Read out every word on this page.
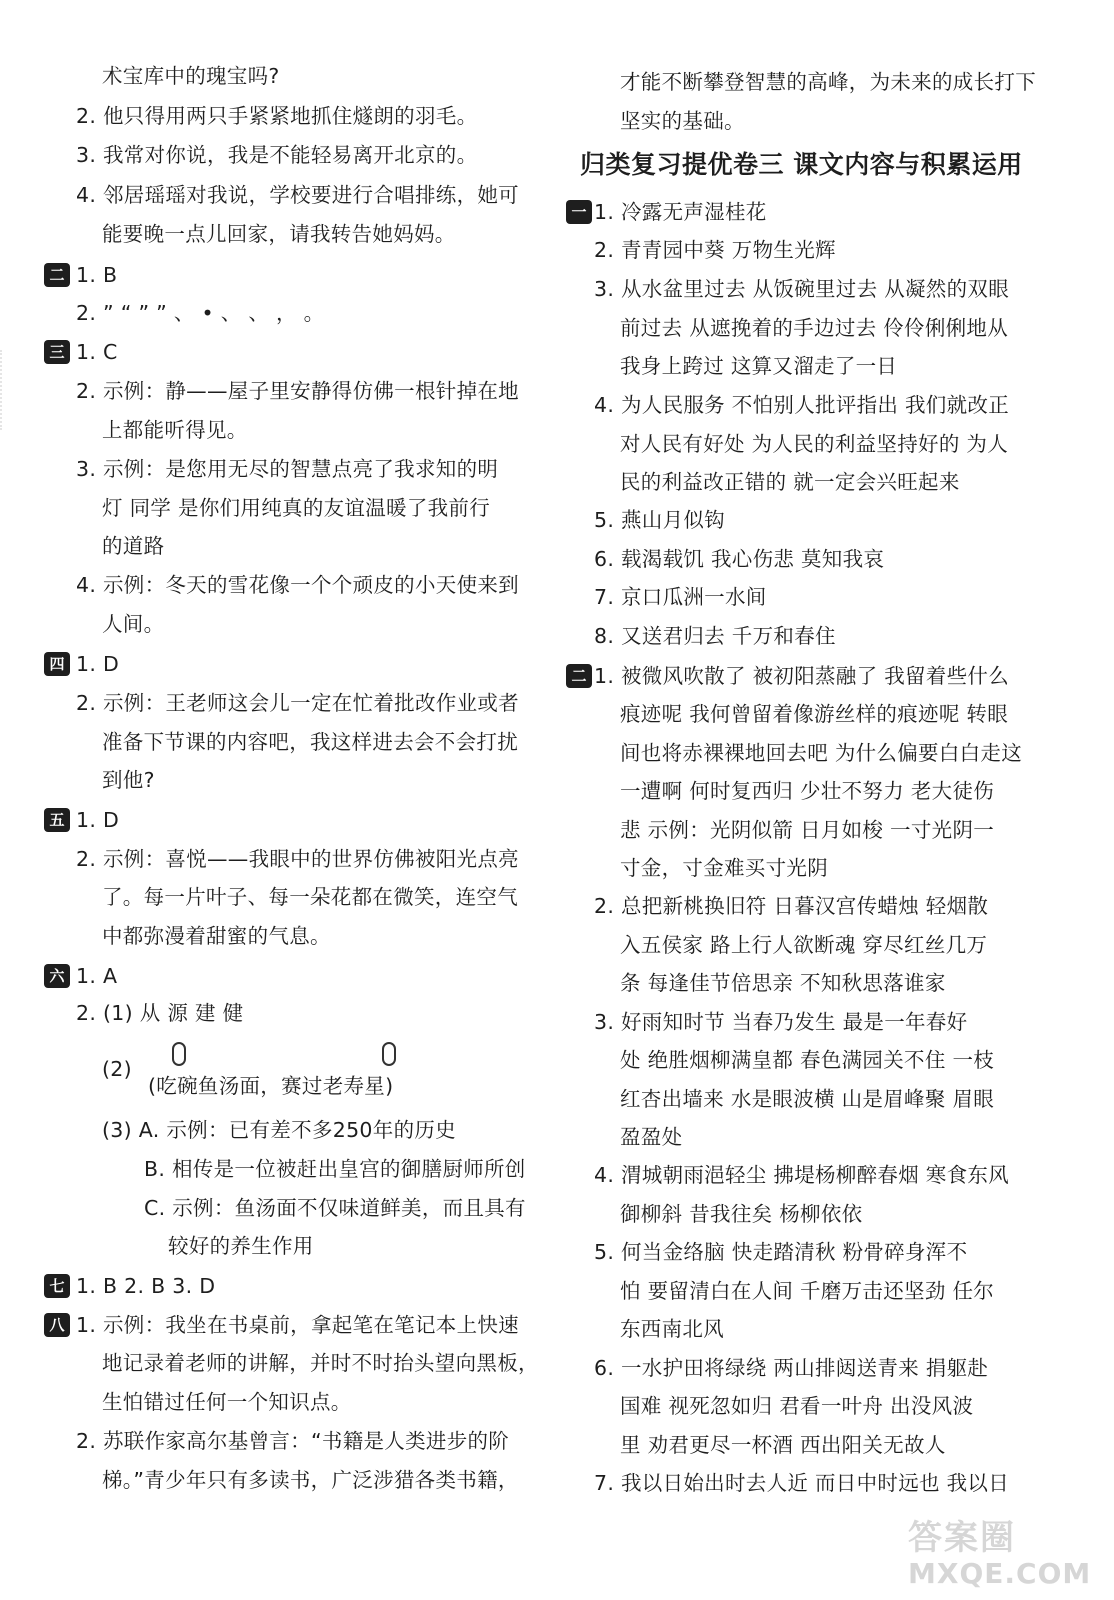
术宝库中的瑰宝吗?
2. 他只得用两只手紧紧地抓住燧朗的羽毛。
3. 我常对你说，我是不能轻易离开北京的。
4. 邻居瑶瑶对我说，学校要进行合唱排练，她可
能要晚一点儿回家，请我转告她妈妈。
1. B
2. ” “ ” ” 、 • 、 、 ， 。
1. C
2. 示例：静——屋子里安静得仿佛一根针掉在地
上都能听得见。
3. 示例：是您用无尽的智慧点亮了我求知的明
灯 同学 是你们用纯真的友谊温暖了我前行
的道路
4. 示例：冬天的雪花像一个个顽皮的小天使来到
人间。
1. D
2. 示例：王老师这会儿一定在忙着批改作业或者
准备下节课的内容吧，我这样进去会不会打扰
到他?
1. D
2. 示例：喜悦——我眼中的世界仿佛被阳光点亮
了。每一片叶子、每一朵花都在微笑，连空气
中都弥漫着甜蜜的气息。
1. A
2. (1) 从 源 建 健
(2)
(吃碗鱼汤面，赛过老寿星)
(3) A. 示例：已有差不多250年的历史
B. 相传是一位被赶出皇宫的御膳厨师所创
C. 示例：鱼汤面不仅味道鲜美，而且具有
较好的养生作用
1. B 2. B 3. D
1. 示例：我坐在书桌前，拿起笔在笔记本上快速
地记录着老师的讲解，并时不时抬头望向黑板，
生怕错过任何一个知识点。
2. 苏联作家高尔基曾言：“书籍是人类进步的阶
梯。”青少年只有多读书，广泛涉猎各类书籍，
二
三
四
五
六
七
八
归类复习提优卷三 课文内容与积累运用
才能不断攀登智慧的高峰，为未来的成长打下
坚实的基础。
1. 冷露无声湿桂花
2. 青青园中葵 万物生光辉
3. 从水盆里过去 从饭碗里过去 从凝然的双眼
前过去 从遮挽着的手边过去 伶伶俐俐地从
我身上跨过 这算又溜走了一日
4. 为人民服务 不怕别人批评指出 我们就改正
对人民有好处 为人民的利益坚持好的 为人
民的利益改正错的 就一定会兴旺起来
5. 燕山月似钩
6. 载渴载饥 我心伤悲 莫知我哀
7. 京口瓜洲一水间
8. 又送君归去 千万和春住
1. 被微风吹散了 被初阳蒸融了 我留着些什么
痕迹呢 我何曾留着像游丝样的痕迹呢 转眼
间也将赤裸裸地回去吧 为什么偏要白白走这
一遭啊 何时复西归 少壮不努力 老大徒伤
悲 示例：光阴似箭 日月如梭 一寸光阴一
寸金，寸金难买寸光阴
2. 总把新桃换旧符 日暮汉宫传蜡烛 轻烟散
入五侯家 路上行人欲断魂 穿尽红丝几万
条 每逢佳节倍思亲 不知秋思落谁家
3. 好雨知时节 当春乃发生 最是一年春好
处 绝胜烟柳满皇都 春色满园关不住 一枝
红杏出墙来 水是眼波横 山是眉峰聚 眉眼
盈盈处
4. 渭城朝雨浥轻尘 拂堤杨柳醉春烟 寒食东风
御柳斜 昔我往矣 杨柳依依
5. 何当金络脑 快走踏清秋 粉骨碎身浑不
怕 要留清白在人间 千磨万击还坚劲 任尔
东西南北风
6. 一水护田将绿绕 两山排闼送青来 捐躯赴
国难 视死忽如归 君看一叶舟 出没风波
里 劝君更尽一杯酒 西出阳关无故人
7. 我以日始出时去人近 而日中时远也 我以日
一
二
答案圈
MXQE.COM
